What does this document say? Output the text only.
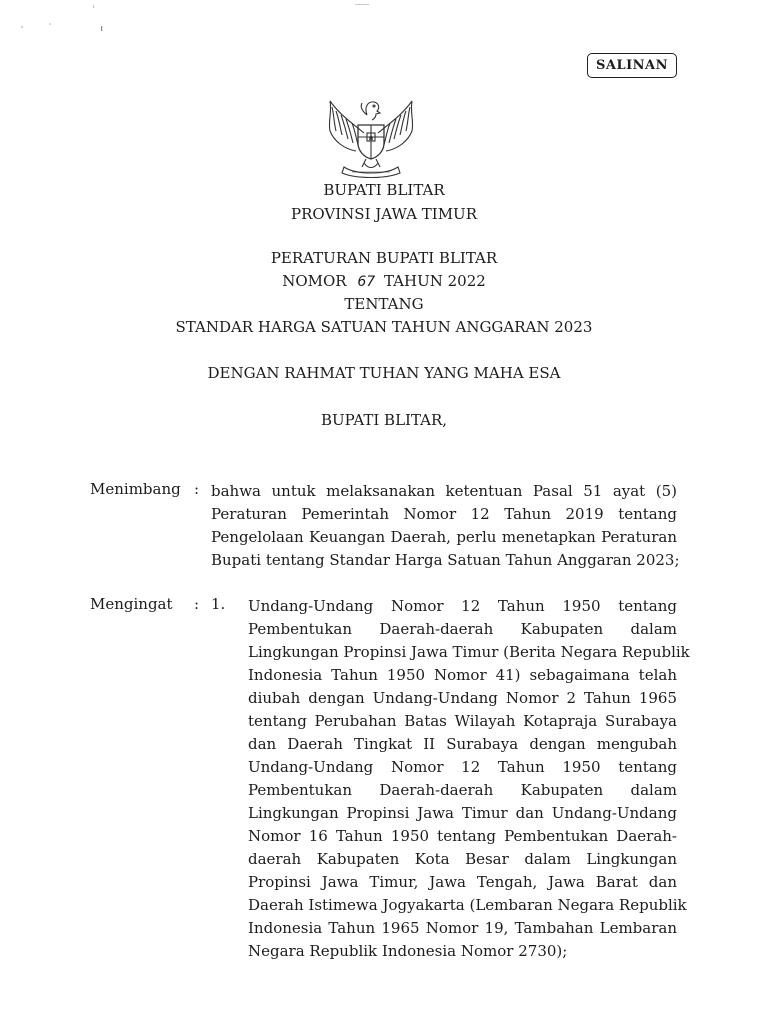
SALINAN
BUPATI BLITAR
PROVINSI JAWA TIMUR
PERATURAN BUPATI BLITAR
NOMOR 67 TAHUN 2022
TENTANG
STANDAR HARGA SATUAN TAHUN ANGGARAN 2023
DENGAN RAHMAT TUHAN YANG MAHA ESA
BUPATI BLITAR,
Menimbang : bahwa untuk melaksanakan ketentuan Pasal 51 ayat (5)
Peraturan Pemerintah Nomor 12 Tahun 2019 tentang
Pengelolaan Keuangan Daerah, perlu menetapkan Peraturan
Bupati tentang Standar Harga Satuan Tahun Anggaran 2023;
Mengingat : 1. Undang-Undang Nomor 12 Tahun 1950 tentang
Pembentukan Daerah-daerah Kabupaten dalam
Lingkungan Propinsi Jawa Timur (Berita Negara Republik
Indonesia Tahun 1950 Nomor 41) sebagaimana telah
diubah dengan Undang-Undang Nomor 2 Tahun 1965
tentang Perubahan Batas Wilayah Kotapraja Surabaya
dan Daerah Tingkat II Surabaya dengan mengubah
Undang-Undang Nomor 12 Tahun 1950 tentang
Pembentukan Daerah-daerah Kabupaten dalam
Lingkungan Propinsi Jawa Timur dan Undang-Undang
Nomor 16 Tahun 1950 tentang Pembentukan Daerah-
daerah Kabupaten Kota Besar dalam Lingkungan
Propinsi Jawa Timur, Jawa Tengah, Jawa Barat dan
Daerah Istimewa Jogyakarta (Lembaran Negara Republik
Indonesia Tahun 1965 Nomor 19, Tambahan Lembaran
Negara Republik Indonesia Nomor 2730);
